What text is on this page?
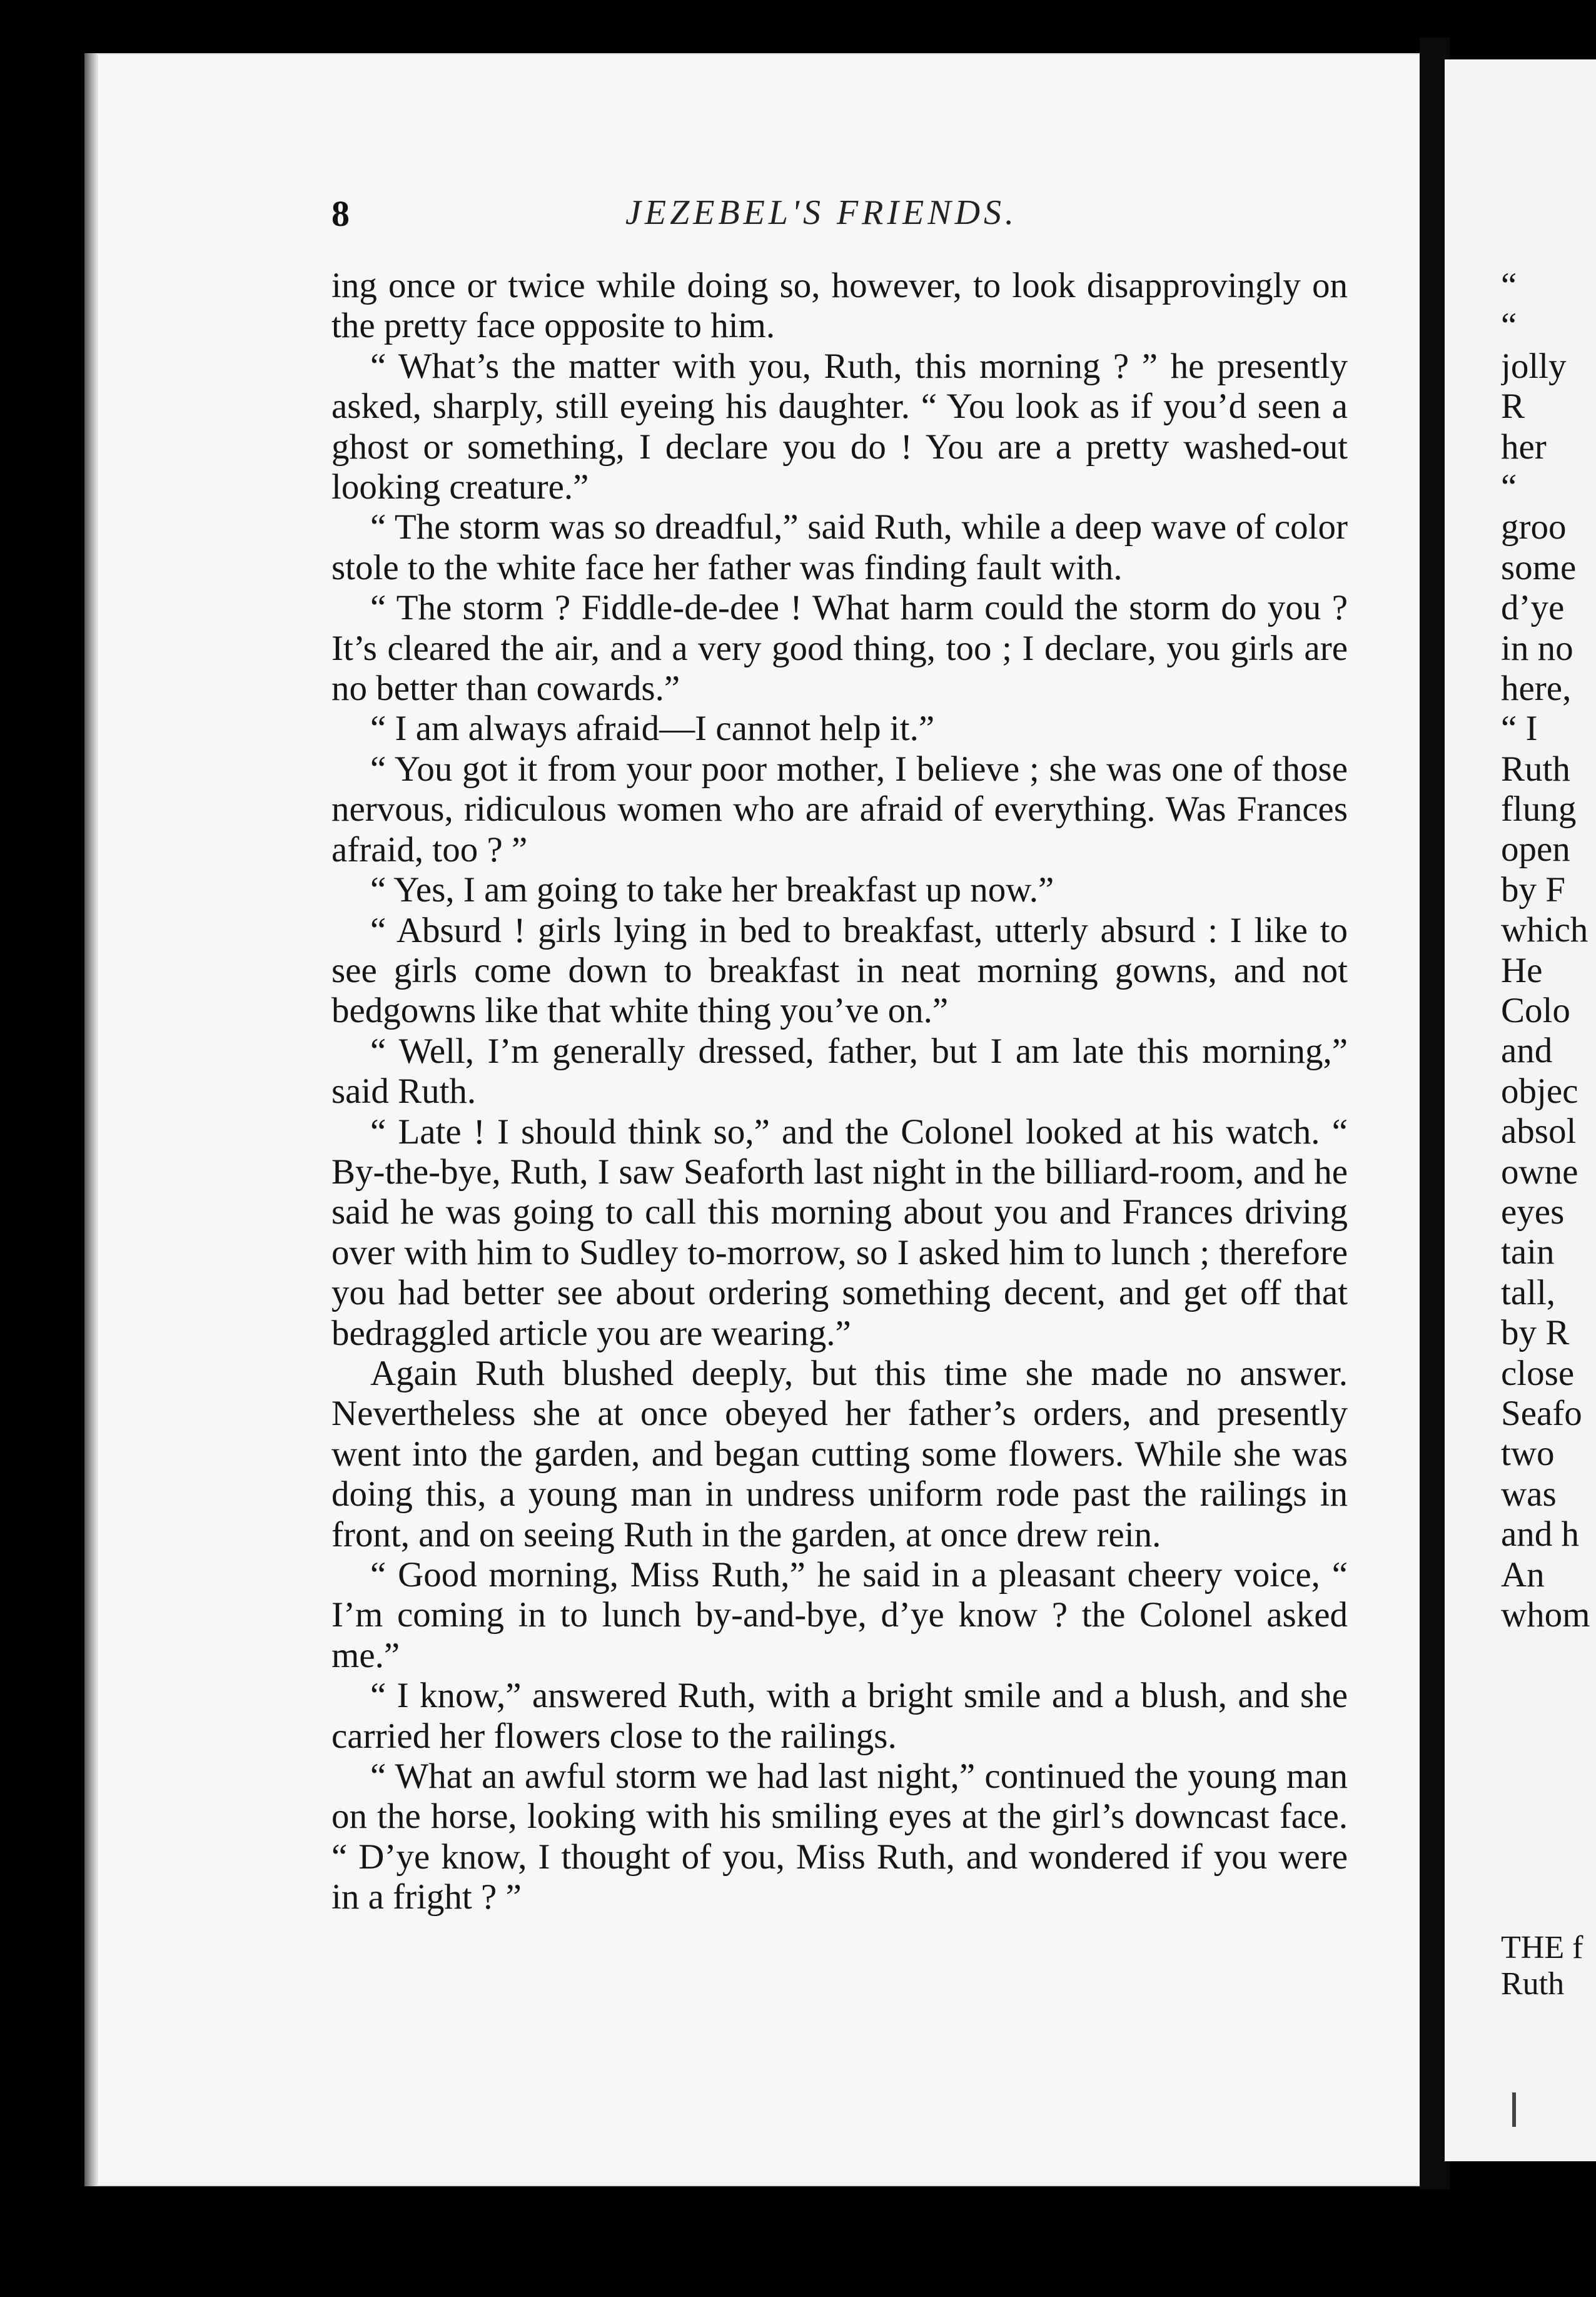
8	JEZEBEL'S FRIENDS.

ing once or twice while doing so, however, to look disapprovingly on the pretty face opposite to him.

“ What’s the matter with you, Ruth, this morning ? ” he presently asked, sharply, still eyeing his daughter. “ You look as if you’d seen a ghost or something, I declare you do ! You are a pretty washed-out looking creature.”

“ The storm was so dreadful,” said Ruth, while a deep wave of color stole to the white face her father was finding fault with.

“ The storm ? Fiddle-de-dee ! What harm could the storm do you ? It’s cleared the air, and a very good thing, too ; I declare, you girls are no better than cowards.”

“ I am always afraid—I cannot help it.”

“ You got it from your poor mother, I believe ; she was one of those nervous, ridiculous women who are afraid of everything. Was Frances afraid, too ? ”

“ Yes, I am going to take her breakfast up now.”

“ Absurd ! girls lying in bed to breakfast, utterly absurd : I like to see girls come down to breakfast in neat morning gowns, and not bedgowns like that white thing you’ve on.”

“ Well, I’m generally dressed, father, but I am late this morning,” said Ruth.

“ Late ! I should think so,” and the Colonel looked at his watch. “ By-the-bye, Ruth, I saw Seaforth last night in the billiard-room, and he said he was going to call this morning about you and Frances driving over with him to Sudley to-morrow, so I asked him to lunch ; therefore you had better see about ordering something decent, and get off that bedraggled article you are wearing.”

Again Ruth blushed deeply, but this time she made no answer. Nevertheless she at once obeyed her father’s orders, and presently went into the garden, and began cutting some flowers. While she was doing this, a young man in undress uniform rode past the railings in front, and on seeing Ruth in the garden, at once drew rein.

“ Good morning, Miss Ruth,” he said in a pleasant cheery voice, “ I’m coming in to lunch by-and-bye, d’ye know ? the Colonel asked me.”

“ I know,” answered Ruth, with a bright smile and a blush, and she carried her flowers close to the railings.

“ What an awful storm we had last night,” continued the young man on the horse, looking with his smiling eyes at the girl’s downcast face. “ D’ye know, I thought of you, Miss Ruth, and wondered if you were in a fright ? ”

“
“
jolly
R
her
“
groo
some
d’ye
in no
here,
“ I
Ruth
flung
open
by F
which
He
Colo
and
objec
absol
owne
eyes
tain
tall,
by R
close
Seafo
two
was
and h
An
whom
THE f
Ruth
